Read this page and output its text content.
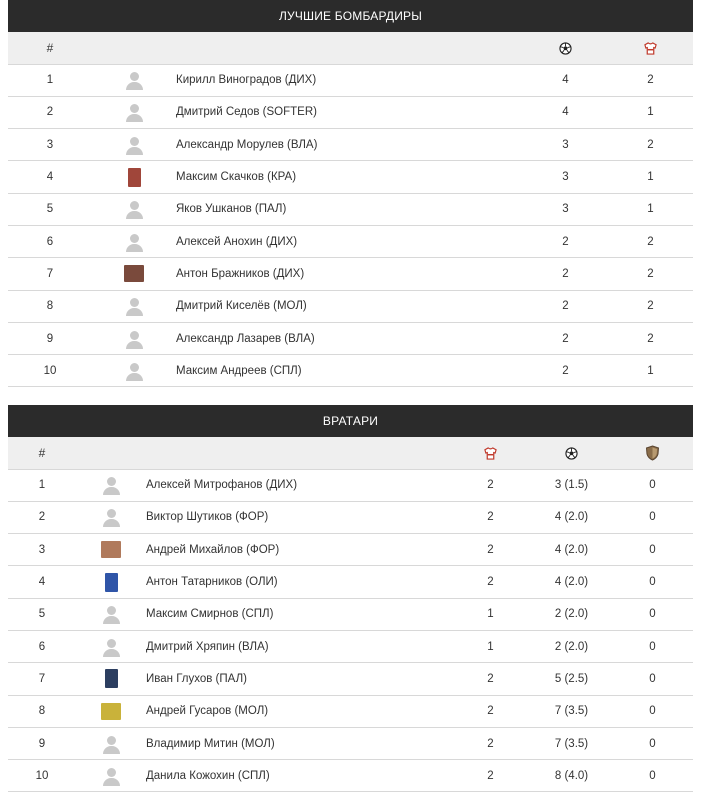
ЛУЧШИЕ БОМБАРДИРЫ
#				
1		Кирилл Виноградов (ДИХ)	4	2
2		Дмитрий Седов (SOFTER)	4	1
3		Александр Морулев (ВЛА)	3	2
4		Максим Скачков (КРА)	3	1
5		Яков Ушканов (ПАЛ)	3	1
6		Алексей Анохин (ДИХ)	2	2
7		Антон Бражников (ДИХ)	2	2
8		Дмитрий Киселёв (МОЛ)	2	2
9		Александр Лазарев (ВЛА)	2	2
10		Максим Андреев (СПЛ)	2	1
ВРАТАРИ
#					
1		Алексей Митрофанов (ДИХ)	2	3 (1.5)	0
2		Виктор Шутиков (ФОР)	2	4 (2.0)	0
3		Андрей Михайлов (ФОР)	2	4 (2.0)	0
4		Антон Татарников (ОЛИ)	2	4 (2.0)	0
5		Максим Смирнов (СПЛ)	1	2 (2.0)	0
6		Дмитрий Хряпин (ВЛА)	1	2 (2.0)	0
7		Иван Глухов (ПАЛ)	2	5 (2.5)	0
8		Андрей Гусаров (МОЛ)	2	7 (3.5)	0
9		Владимир Митин (МОЛ)	2	7 (3.5)	0
10		Данила Кожохин (СПЛ)	2	8 (4.0)	0
